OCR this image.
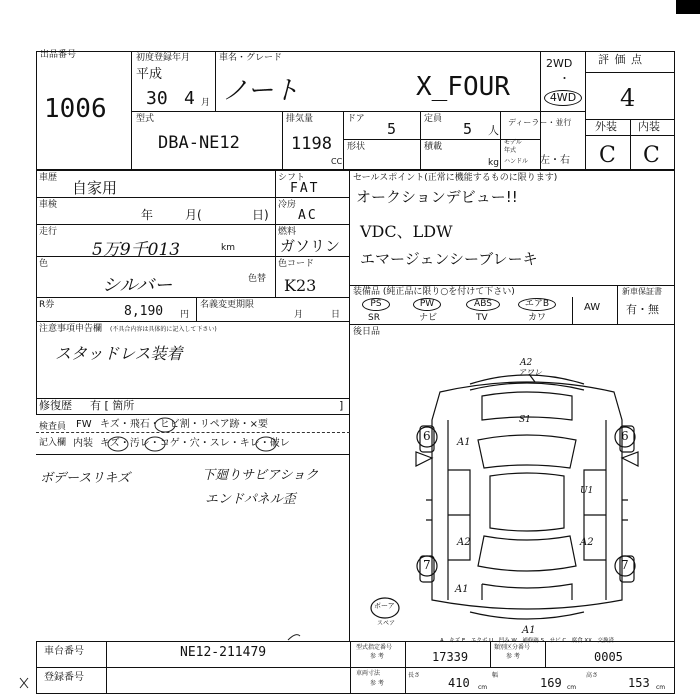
出品番号
1006
初度登録年月
平成
30 4 月
車名・グレード
ノート	X_FOUR
2WD
・
4WD
型式
DBA-NE12
排気量
1198
CC
ドア
5
定員
5 人
形状	積載
kg
ディーラー・並行
モデル
年式
ハンドル 左・右
評 価 点
4
外装 内装
C C
車歴
自家用
車検
年	月(	日)
走行
5万9千013	km
シフト
FAT
冷房
AC
燃料
ガソリン
色
シルバー	色替
色コード
K23
R券	8,190 円
名義変更期限
月	日
セールスポイント(正常に機能するものに限ります)
オークションデビュー!!
VDC、LDW
エマージェンシーブレーキ
装備品 (純正品に限り○を付けて下さい)
PS
SR
PW
ナビ
ABS
TV
エアB
カワ
AW
新車保証書
有・無
後日品
注意事項申告欄 (不具合内容は具体的に記入して下さい)
スタッドレス装着
修復歴 有 [ 箇所	]
検査員
記入欄
FW キズ・飛石・ヒビ割・リペア跡・×要
内装 キズ・汚レ・コゲ・穴・スレ・キレ・破レ
ボデースリキズ	下廻りサビアショク
エンドパネル歪
A2
アワレ
S1
U1
A1
A2	A2
A1
A1
6	6
7	7
ボーア
スペア
A…キズ E…エクボ U…凹み W…補修跡 S…サビ C…腐食 XX…交換済
車台番号	NE12-211479
登録番号
型式指定番号
参 考	17339
類別区分番号
参 考	0005
車両寸法
参 考
長さ
410 cm
幅
169 cm
高さ
153 cm
